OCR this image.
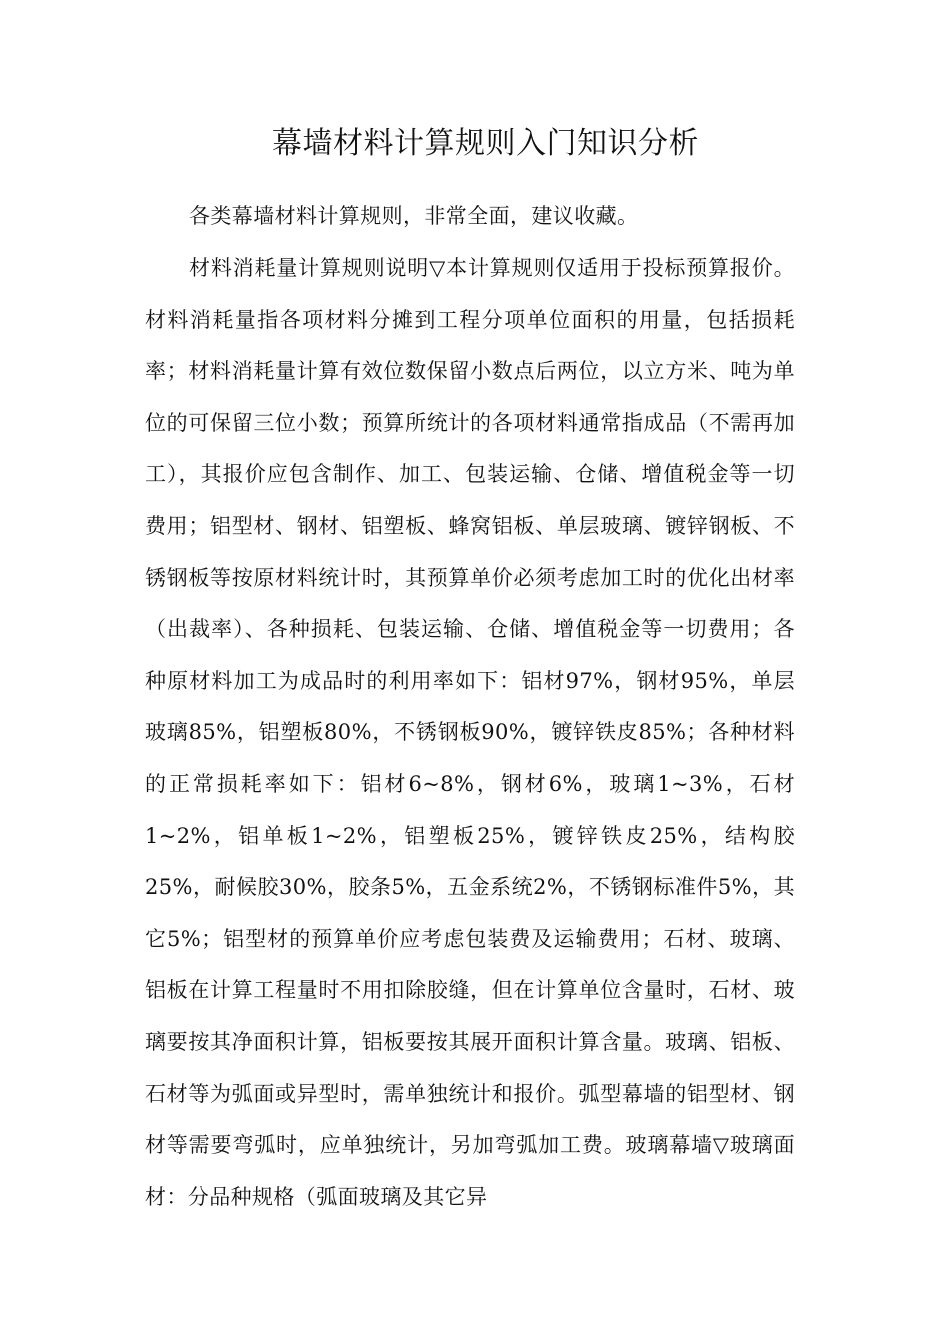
幕墙材料计算规则入门知识分析

各类幕墙材料计算规则，非常全面，建议收藏。

材料消耗量计算规则说明▽本计算规则仅适用于投标预算报价。材料消耗量指各项材料分摊到工程分项单位面积的用量，包括损耗率；材料消耗量计算有效位数保留小数点后两位，以立方米、吨为单位的可保留三位小数；预算所统计的各项材料通常指成品（不需再加工），其报价应包含制作、加工、包装运输、仓储、增值税金等一切费用；铝型材、钢材、铝塑板、蜂窝铝板、单层玻璃、镀锌钢板、不锈钢板等按原材料统计时，其预算单价必须考虑加工时的优化出材率（出裁率）、各种损耗、包装运输、仓储、增值税金等一切费用；各种原材料加工为成品时的利用率如下：铝材97%，钢材95%，单层玻璃85%，铝塑板80%，不锈钢板90%，镀锌铁皮85%；各种材料的正常损耗率如下：铝材6~8%，钢材6%，玻璃1~3%，石材1~2%，铝单板1~2%，铝塑板25%，镀锌铁皮25%，结构胶25%，耐候胶30%，胶条5%，五金系统2%，不锈钢标准件5%，其它5%；铝型材的预算单价应考虑包装费及运输费用；石材、玻璃、铝板在计算工程量时不用扣除胶缝，但在计算单位含量时，石材、玻璃要按其净面积计算，铝板要按其展开面积计算含量。玻璃、铝板、石材等为弧面或异型时，需单独统计和报价。弧型幕墙的铝型材、钢材等需要弯弧时，应单独统计，另加弯弧加工费。玻璃幕墙▽玻璃面材：分品种规格（弧面玻璃及其它异
